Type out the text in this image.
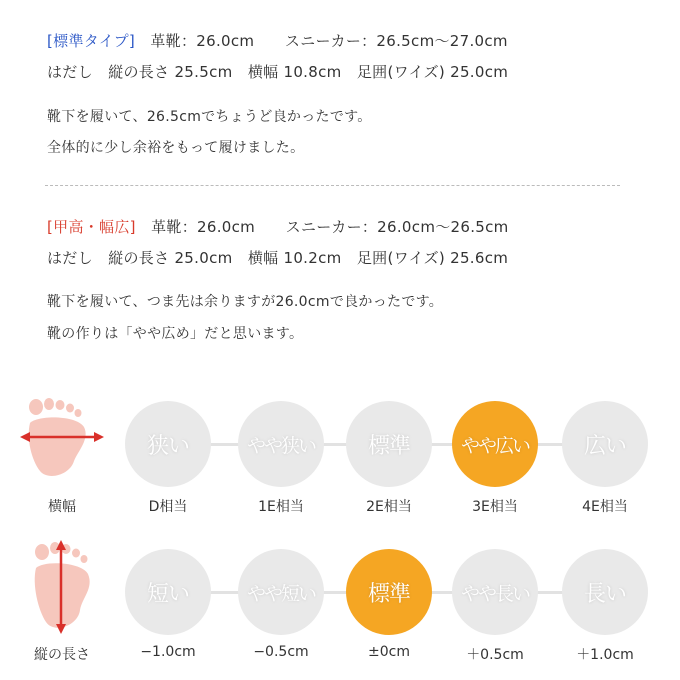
[標準タイプ]　革靴：26.0cm　　スニーカー：26.5cm〜27.0cm
はだし　縦の長さ 25.5cm　横幅 10.8cm　足囲(ワイズ) 25.0cm
靴下を履いて、26.5cmでちょうど良かったです。
全体的に少し余裕をもって履けました。
[甲高・幅広]　革靴：26.0cm　　スニーカー：26.0cm〜26.5cm
はだし　縦の長さ 25.0cm　横幅 10.2cm　足囲(ワイズ) 25.6cm
靴下を履いて、つま先は余りますが26.0cmで良かったです。
靴の作りは「やや広め」だと思います。
横幅
狭い	やや狭い	標準	やや広い	広い
D相当	1E相当	2E相当	3E相当	4E相当
縦の長さ
短い	やや短い	標準	やや長い	長い
−1.0cm	−0.5cm	±0cm	＋0.5cm	＋1.0cm
